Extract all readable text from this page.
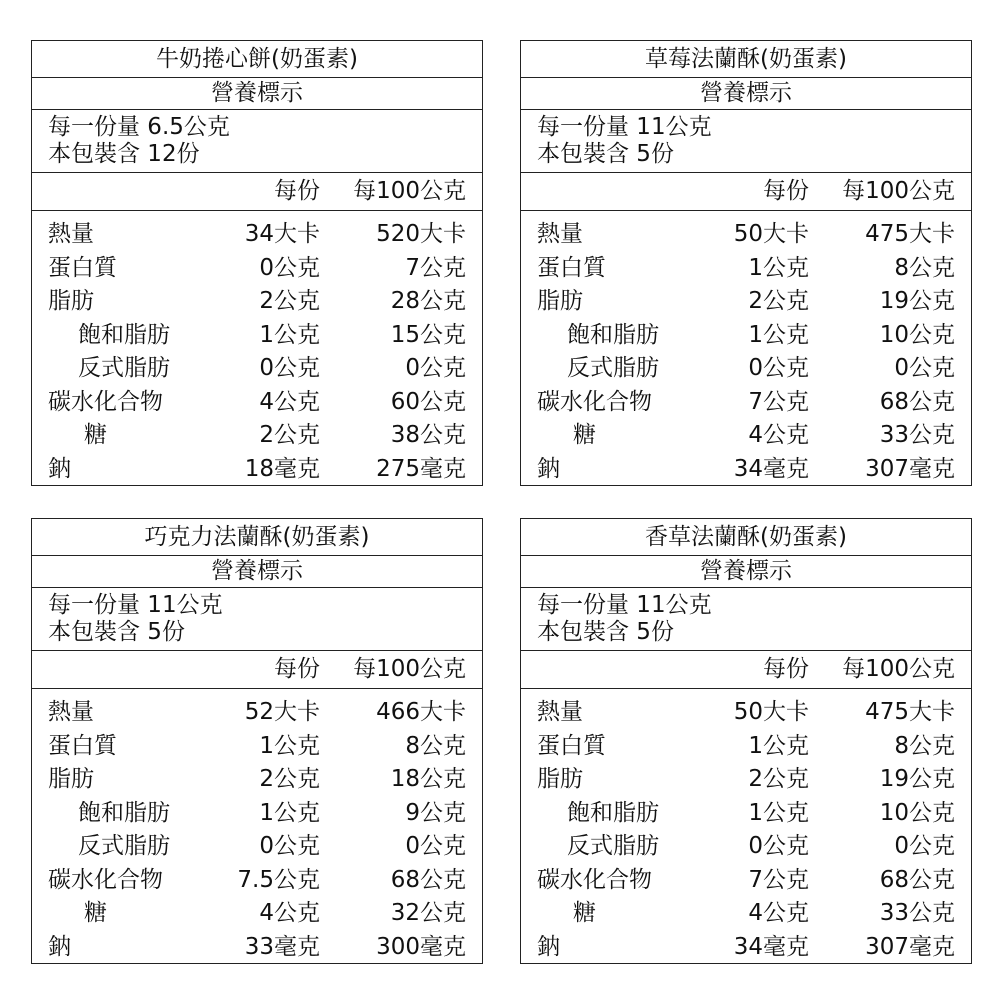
牛奶捲心餅(奶蛋素)
營養標示
每一份量 6.5公克
本包裝含 12份
每份 每100公克
熱量	34大卡 520大卡
蛋白質	0公克	7公克
脂肪	2公克	28公克
飽和脂肪	1公克	15公克
反式脂肪	0公克	0公克
碳水化合物	4公克	60公克
糖	2公克	38公克
鈉	18毫克 275毫克
草莓法蘭酥(奶蛋素)
營養標示
每一份量 11公克
本包裝含 5份
每份 每100公克
熱量	50大卡 475大卡
蛋白質	1公克	8公克
脂肪	2公克	19公克
飽和脂肪	1公克	10公克
反式脂肪	0公克	0公克
碳水化合物	7公克	68公克
糖	4公克	33公克
鈉	34毫克 307毫克
巧克力法蘭酥(奶蛋素)
營養標示
每一份量 11公克
本包裝含 5份
每份 每100公克
熱量	52大卡 466大卡
蛋白質	1公克	8公克
脂肪	2公克	18公克
飽和脂肪	1公克	9公克
反式脂肪	0公克	0公克
碳水化合物	7.5公克	68公克
糖	4公克	32公克
鈉	33毫克 300毫克
香草法蘭酥(奶蛋素)
營養標示
每一份量 11公克
本包裝含 5份
每份 每100公克
熱量	50大卡 475大卡
蛋白質	1公克	8公克
脂肪	2公克	19公克
飽和脂肪	1公克	10公克
反式脂肪	0公克	0公克
碳水化合物	7公克	68公克
糖	4公克	33公克
鈉	34毫克 307毫克
